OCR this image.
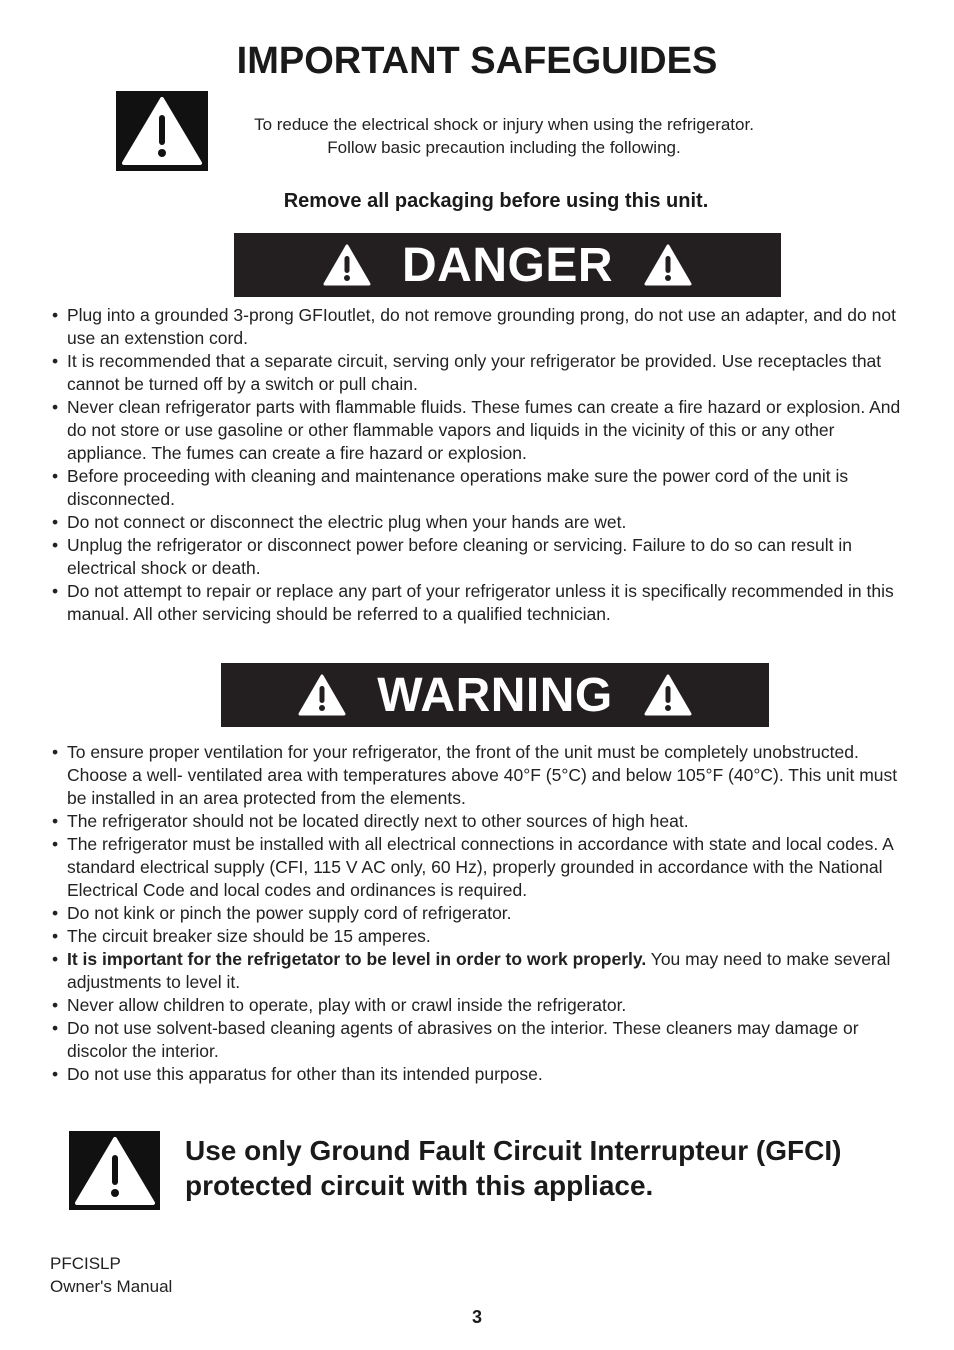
IMPORTANT SAFEGUIDES
To reduce the electrical shock or injury when using the refrigerator.
Follow basic precaution including the following.
Remove all packaging before using this unit.
DANGER
• Plug into a grounded 3-prong GFIoutlet, do not remove grounding prong, do not use an adapter, and do not use an extenstion cord.
• It is recommended that a separate circuit, serving only your refrigerator be provided. Use receptacles that cannot be turned off by a switch or pull chain.
• Never clean refrigerator parts with flammable fluids. These fumes can create a fire hazard or explosion. And do not store or use gasoline or other flammable vapors and liquids in the vicinity of this or any other appliance. The fumes can create a fire hazard or explosion.
• Before proceeding with cleaning and maintenance operations make sure the power cord of the unit is disconnected.
• Do not connect or disconnect the electric plug when your hands are wet.
• Unplug the refrigerator or disconnect power before cleaning or servicing. Failure to do so can result in electrical shock or death.
• Do not attempt to repair or replace any part of your refrigerator unless it is specifically recommended in this manual. All other servicing should be referred to a qualified technician.
WARNING
• To ensure proper ventilation for your refrigerator, the front of the unit must be completely unobstructed. Choose a well- ventilated area with temperatures above 40°F (5°C) and below 105°F (40°C). This unit must be installed in an area protected from the elements.
• The refrigerator should not be located directly next to other sources of high heat.
• The refrigerator must be installed with all electrical connections in accordance with state and local codes. A standard electrical supply (CFI, 115 V AC only, 60 Hz), properly grounded in accordance with the National Electrical Code and local codes and ordinances is required.
• Do not kink or pinch the power supply cord of refrigerator.
• The circuit breaker size should be 15 amperes.
• It is important for the refrigetator to be level in order to work properly. You may need to make several adjustments to level it.
• Never allow children to operate, play with or crawl inside the refrigerator.
• Do not use solvent-based cleaning agents of abrasives on the interior. These cleaners may damage or discolor the interior.
• Do not use this apparatus for other than its intended purpose.
Use only Ground Fault Circuit Interrupteur (GFCI)
protected circuit with this appliace.
PFCISLP
Owner's Manual
3
